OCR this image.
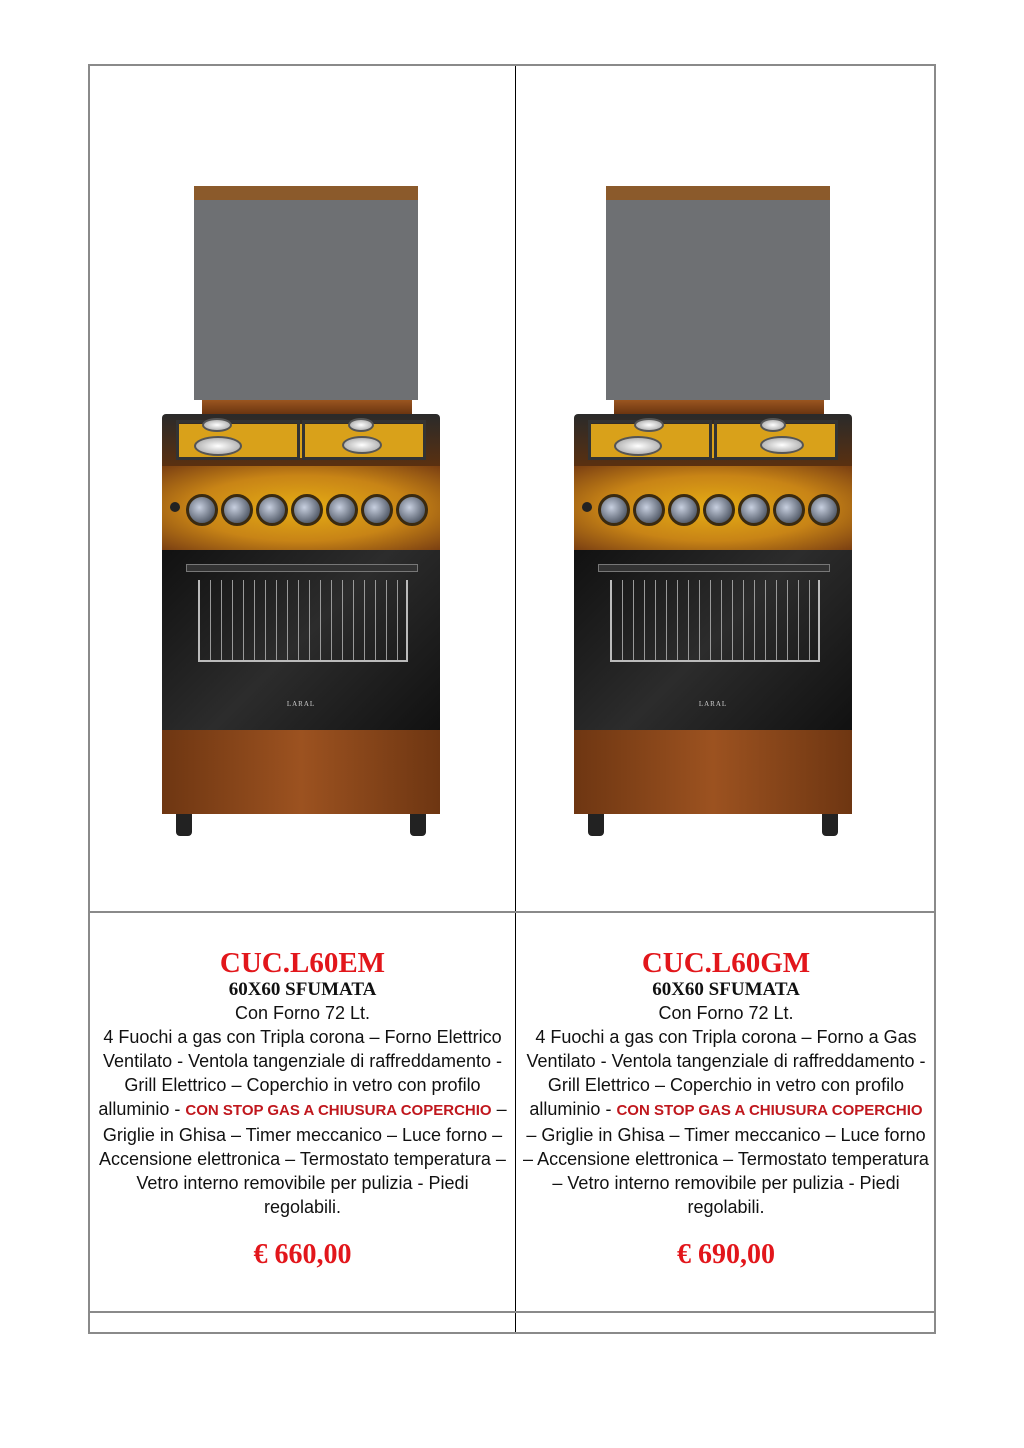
LARAL	LARAL
CUC.L60EM
60X60 SFUMATA
Con Forno 72 Lt.
4 Fuochi a gas con Tripla corona – Forno Elettrico Ventilato - Ventola tangenziale di raffreddamento - Grill Elettrico – Coperchio in vetro con profilo alluminio - CON STOP GAS A CHIUSURA COPERCHIO – Griglie in Ghisa – Timer meccanico – Luce forno – Accensione elettronica – Termostato temperatura – Vetro interno removibile per pulizia - Piedi regolabili.
€ 660,00
CUC.L60GM
60X60 SFUMATA
Con Forno 72 Lt.
4 Fuochi a gas con Tripla corona – Forno a Gas Ventilato - Ventola tangenziale di raffreddamento - Grill Elettrico – Coperchio in vetro con profilo alluminio - CON STOP GAS A CHIUSURA COPERCHIO – Griglie in Ghisa – Timer meccanico – Luce forno – Accensione elettronica – Termostato temperatura – Vetro interno removibile per pulizia - Piedi regolabili.
€ 690,00
